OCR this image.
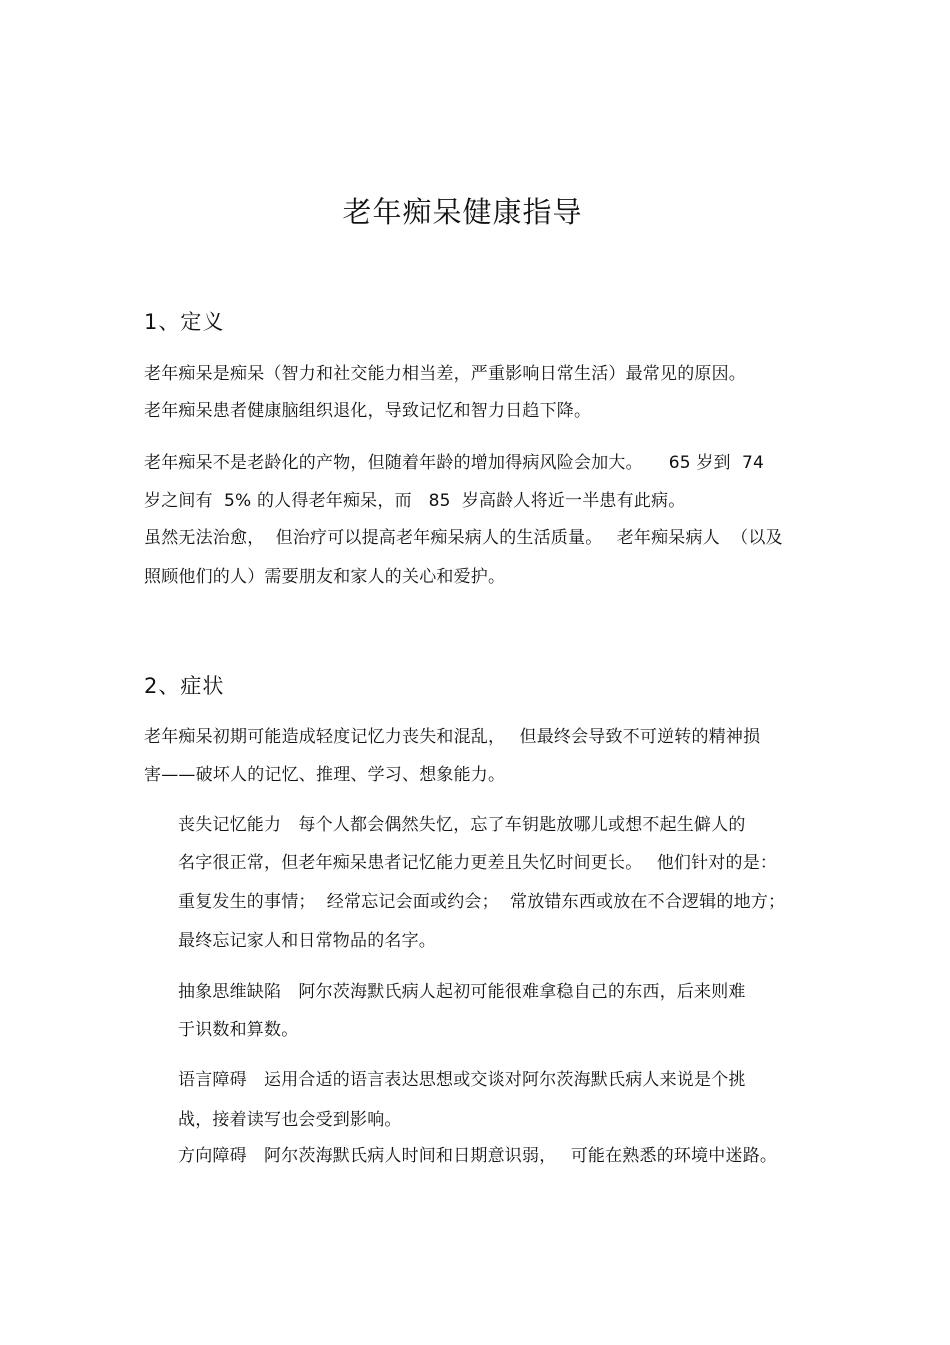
老年痴呆健康指导
1、定义
老年痴呆是痴呆（智力和社交能力相当差，严重影响日常生活）最常见的原因。
老年痴呆患者健康脑组织退化，导致记忆和智力日趋下降。
老年痴呆不是老龄化的产物，但随着年龄的增加得病风险会加大。　　65 岁到  74
岁之间有  5% 的人得老年痴呆，而   85  岁高龄人将近一半患有此病。
虽然无法治愈，  但治疗可以提高老年痴呆病人的生活质量。　 老年痴呆病人  （以及
照顾他们的人）需要朋友和家人的关心和爱护。
2、症状
老年痴呆初期可能造成轻度记忆力丧失和混乱，　 但最终会导致不可逆转的精神损
害——破坏人的记忆、推理、学习、想象能力。
丧失记忆能力　每个人都会偶然失忆，忘了车钥匙放哪儿或想不起生僻人的
名字很正常，但老年痴呆患者记忆能力更差且失忆时间更长。　 他们针对的是：
重复发生的事情；  经常忘记会面或约会；  常放错东西或放在不合逻辑的地方；
最终忘记家人和日常物品的名字。
抽象思维缺陷　阿尔茨海默氏病人起初可能很难拿稳自己的东西，后来则难
于识数和算数。
语言障碍　运用合适的语言表达思想或交谈对阿尔茨海默氏病人来说是个挑
战，接着读写也会受到影响。
方向障碍　阿尔茨海默氏病人时间和日期意识弱，　 可能在熟悉的环境中迷路。
